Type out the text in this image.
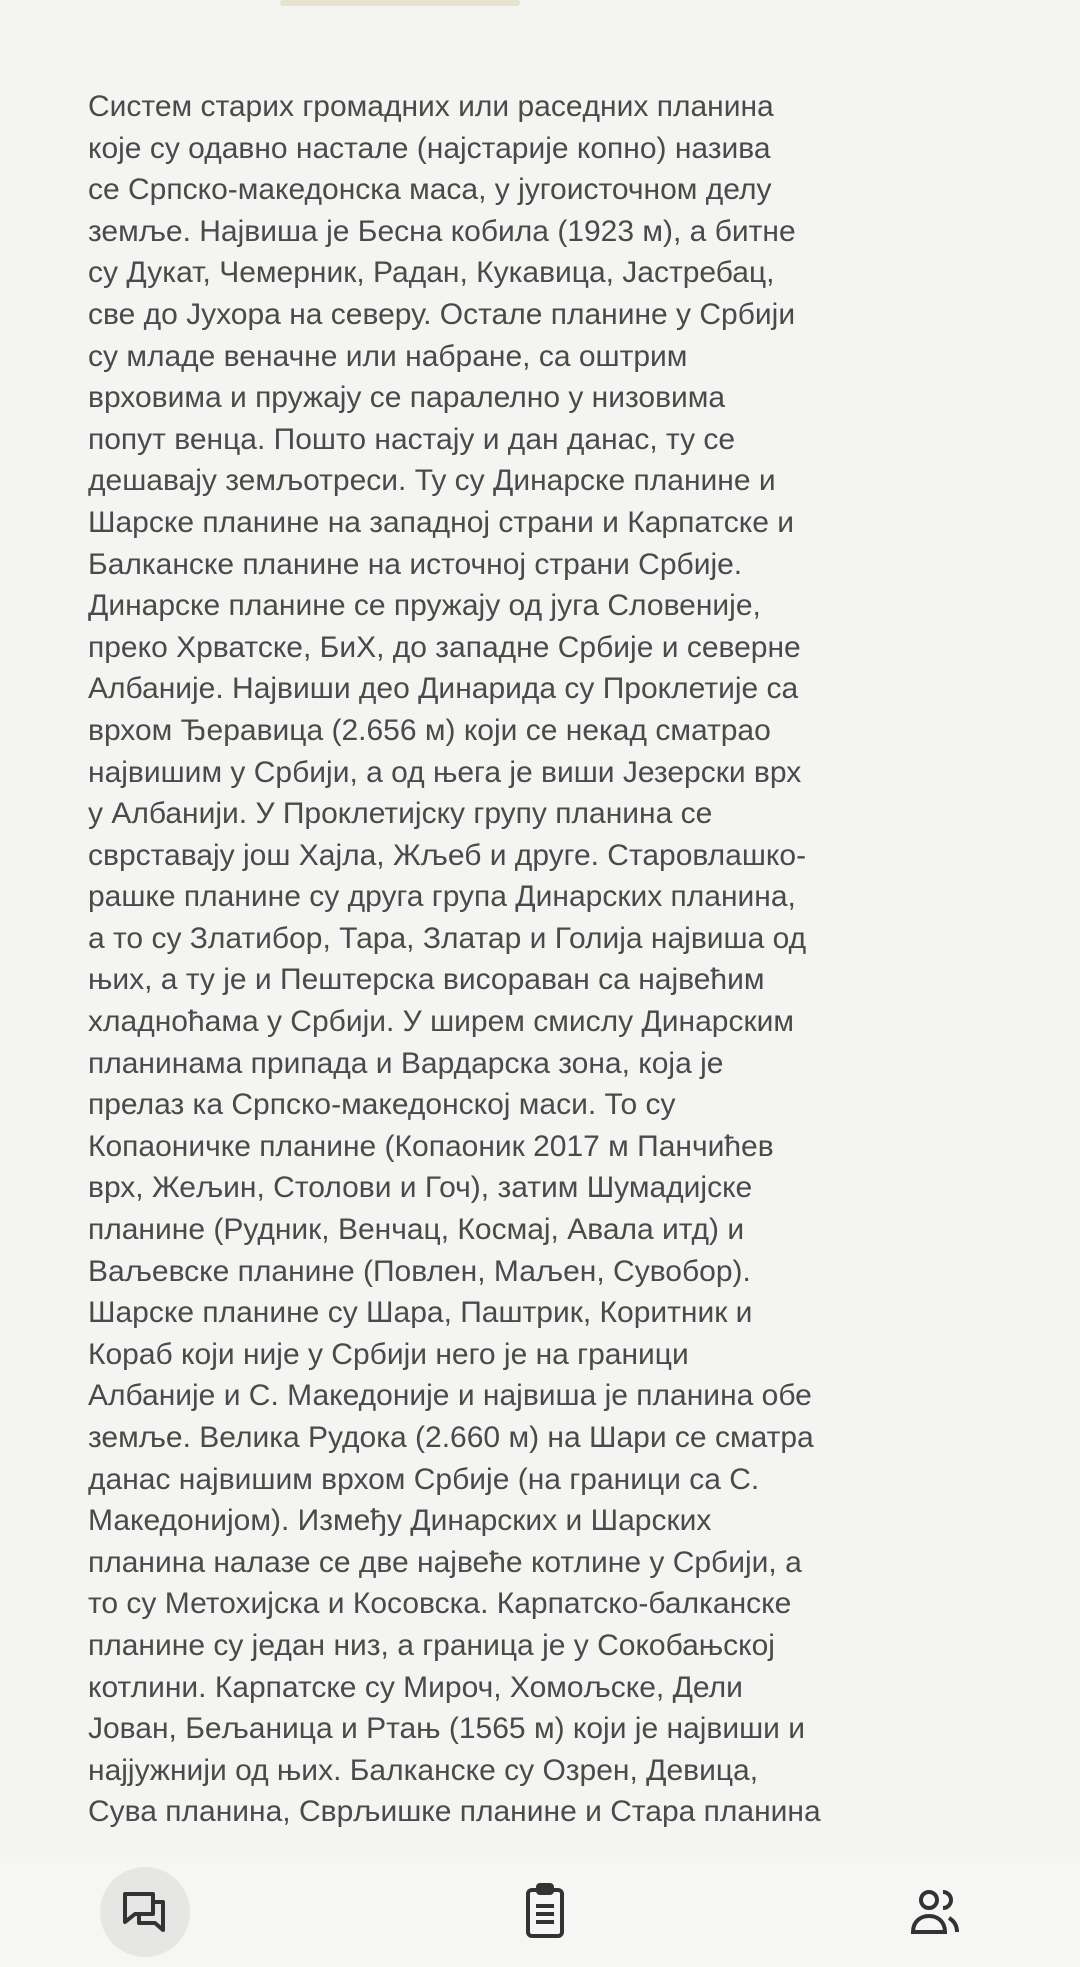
Систем старих громадних или расeдних планина
које су одавно настале (најстарије копно) назива
се Српско-македонска маса, у југоисточном делу
земље. Највиша је Бесна кобила (1923 м), а битне
су Дукат, Чемерник, Радан, Кукавица, Јастребац,
све до Јухора на северу. Остале планине у Србији
су младе веначне или набране, са оштрим
врховима и пружају се паралелно у низовима
попут венца. Пошто настају и дан данас, ту се
дешавају земљотреси. Ту су Динарске планине и
Шарске планине на западној страни и Карпатске и
Балканске планине на источној страни Србије.
Динарске планине се пружају од југа Словеније,
преко Хрватске, БиХ, до западне Србије и северне
Албаније. Највиши део Динарида су Проклетије са
врхом Ђеравица (2.656 м) који се некад сматрао
највишим у Србији, а од њега је виши Језерски врх
у Албанији. У Проклетијску групу планина се
сврставају још Хајла, Жљеб и друге. Старовлашко-
рашке планине су друга група Динарских планина,
а то су Златибор, Тара, Златар и Голија највиша од
њих, а ту је и Пештерска висораван са највећим
хладноћама у Србији. У ширем смислу Динарским
планинама припада и Вардарска зона, која је
прелаз ка Српско-македонској маси. То су
Копаоничке планине (Копаоник 2017 м Панчићев
врх, Жељин, Столови и Гоч), затим Шумадијске
планине (Рудник, Венчац, Космај, Авала итд) и
Ваљевске планине (Повлен, Маљен, Сувобор).
Шарске планине су Шара, Паштрик, Коритник и
Кораб који није у Србији него је на граници
Албаније и С. Македоније и највиша је планина обе
земље. Велика Рудока (2.660 м) на Шари се сматра
данас највишим врхом Србије (на граници са С.
Македонијом). Између Динарских и Шарских
планина налазе се две највеће котлине у Србији, а
то су Метохијска и Косовска. Карпатско-балканске
планине су један низ, а граница је у Сокобањској
котлини. Карпатске су Мироч, Хомољске, Дели
Јован, Бељаница и Ртањ (1565 м) који је највиши и
најјужнији од њих. Балканске су Озрен, Девица,
Сува планина, Сврљишке планине и Стара планина
